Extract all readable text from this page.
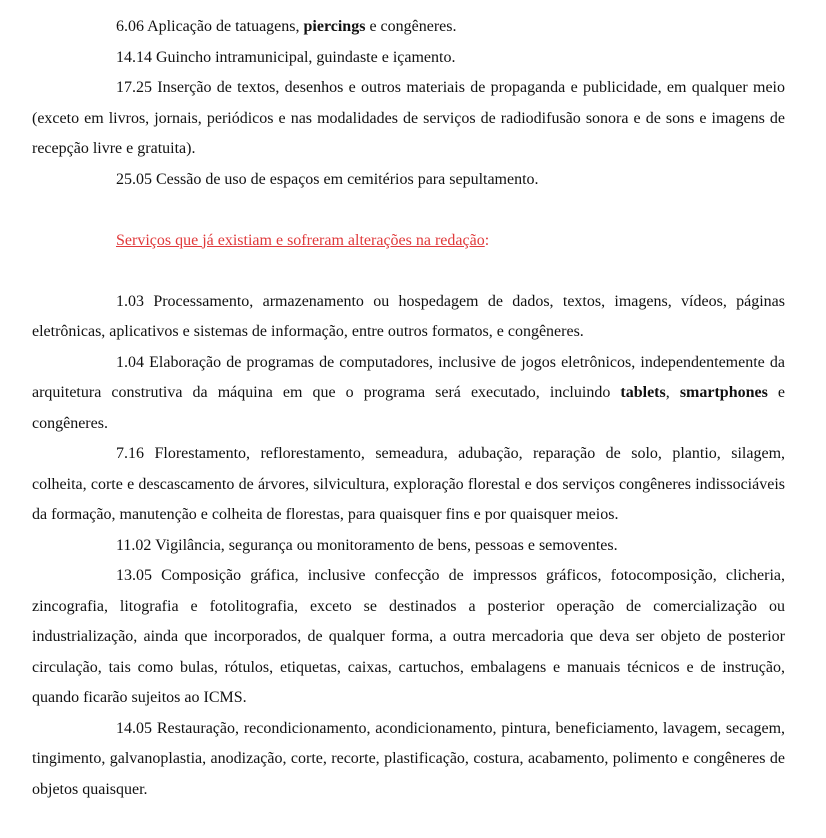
6.06 Aplicação de tatuagens, piercings e congêneres.

14.14 Guincho intramunicipal, guindaste e içamento.

17.25 Inserção de textos, desenhos e outros materiais de propaganda e publicidade, em qualquer meio (exceto em livros, jornais, periódicos e nas modalidades de serviços de radiodifusão sonora e de sons e imagens de recepção livre e gratuita).

25.05 Cessão de uso de espaços em cemitérios para sepultamento.

Serviços que já existiam e sofreram alterações na redação:

1.03 Processamento, armazenamento ou hospedagem de dados, textos, imagens, vídeos, páginas eletrônicas, aplicativos e sistemas de informação, entre outros formatos, e congêneres.

1.04 Elaboração de programas de computadores, inclusive de jogos eletrônicos, independentemente da arquitetura construtiva da máquina em que o programa será executado, incluindo tablets, smartphones e congêneres.

7.16 Florestamento, reflorestamento, semeadura, adubação, reparação de solo, plantio, silagem, colheita, corte e descascamento de árvores, silvicultura, exploração florestal e dos serviços congêneres indissociáveis da formação, manutenção e colheita de florestas, para quaisquer fins e por quaisquer meios.

11.02 Vigilância, segurança ou monitoramento de bens, pessoas e semoventes.

13.05 Composição gráfica, inclusive confecção de impressos gráficos, fotocomposição, clicheria, zincografia, litografia e fotolitografia, exceto se destinados a posterior operação de comercialização ou industrialização, ainda que incorporados, de qualquer forma, a outra mercadoria que deva ser objeto de posterior circulação, tais como bulas, rótulos, etiquetas, caixas, cartuchos, embalagens e manuais técnicos e de instrução, quando ficarão sujeitos ao ICMS.

14.05 Restauração, recondicionamento, acondicionamento, pintura, beneficiamento, lavagem, secagem, tingimento, galvanoplastia, anodização, corte, recorte, plastificação, costura, acabamento, polimento e congêneres de objetos quaisquer.
